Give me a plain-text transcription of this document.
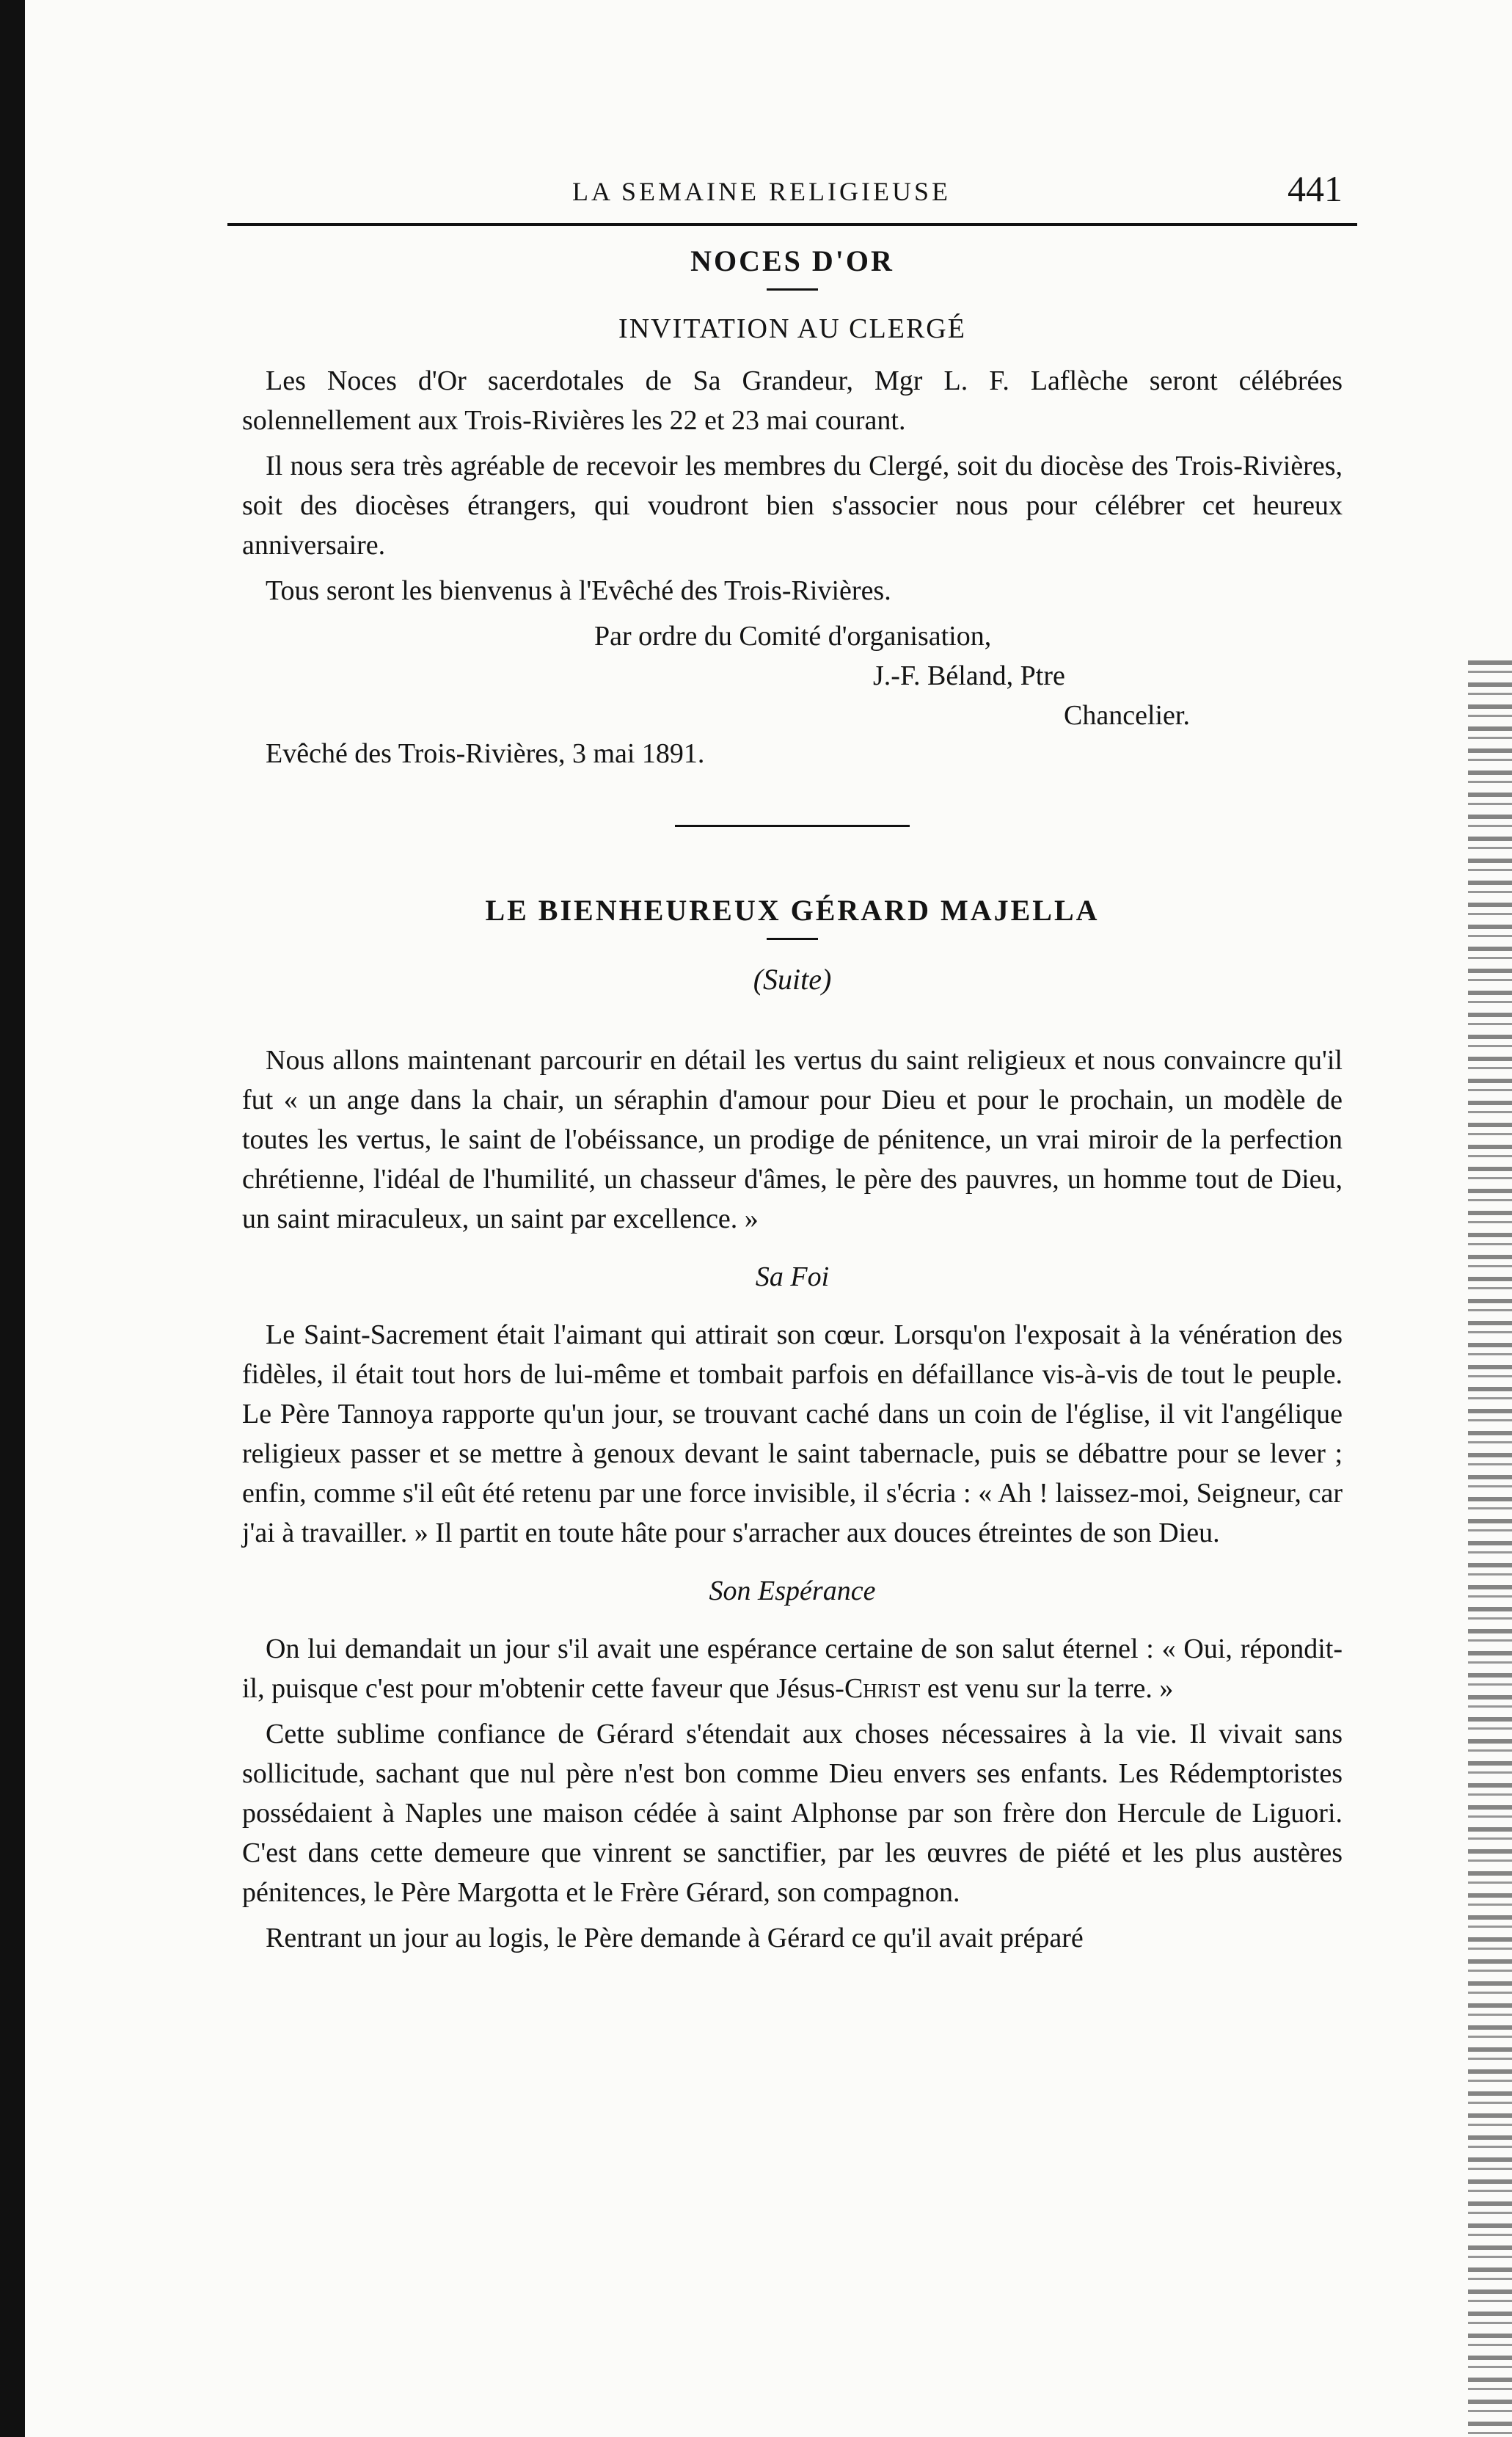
LA SEMAINE RELIGIEUSE	441
NOCES D'OR
INVITATION AU CLERGÉ

Les Noces d'Or sacerdotales de Sa Grandeur, Mgr L. F. Laflèche seront célébrées solennellement aux Trois-Rivières les 22 et 23 mai courant.

Il nous sera très agréable de recevoir les membres du Clergé, soit du diocèse des Trois-Rivières, soit des diocèses étrangers, qui voudront bien s'associer nous pour célébrer cet heureux anniversaire.

Tous seront les bienvenus à l'Evêché des Trois-Rivières.

Par ordre du Comité d'organisation,
J.-F. Béland, Ptre
Chancelier.
Evêché des Trois-Rivières, 3 mai 1891.
LE BIENHEUREUX GÉRARD MAJELLA
(Suite)

Nous allons maintenant parcourir en détail les vertus du saint religieux et nous convaincre qu'il fut « un ange dans la chair, un séraphin d'amour pour Dieu et pour le prochain, un modèle de toutes les vertus, le saint de l'obéissance, un prodige de pénitence, un vrai miroir de la perfection chrétienne, l'idéal de l'humilité, un chasseur d'âmes, le père des pauvres, un homme tout de Dieu, un saint miraculeux, un saint par excellence. »

Sa Foi

Le Saint-Sacrement était l'aimant qui attirait son cœur. Lorsqu'on l'exposait à la vénération des fidèles, il était tout hors de lui-même et tombait parfois en défaillance vis-à-vis de tout le peuple. Le Père Tannoya rapporte qu'un jour, se trouvant caché dans un coin de l'église, il vit l'angélique religieux passer et se mettre à genoux devant le saint tabernacle, puis se débattre pour se lever ; enfin, comme s'il eût été retenu par une force invisible, il s'écria : « Ah ! laissez-moi, Seigneur, car j'ai à travailler. » Il partit en toute hâte pour s'arracher aux douces étreintes de son Dieu.

Son Espérance

On lui demandait un jour s'il avait une espérance certaine de son salut éternel : « Oui, répondit-il, puisque c'est pour m'obtenir cette faveur que Jésus-Christ est venu sur la terre. »

Cette sublime confiance de Gérard s'étendait aux choses nécessaires à la vie. Il vivait sans sollicitude, sachant que nul père n'est bon comme Dieu envers ses enfants. Les Rédemptoristes possédaient à Naples une maison cédée à saint Alphonse par son frère don Hercule de Liguori. C'est dans cette demeure que vinrent se sanctifier, par les œuvres de piété et les plus austères pénitences, le Père Margotta et le Frère Gérard, son compagnon.

Rentrant un jour au logis, le Père demande à Gérard ce qu'il avait préparé
